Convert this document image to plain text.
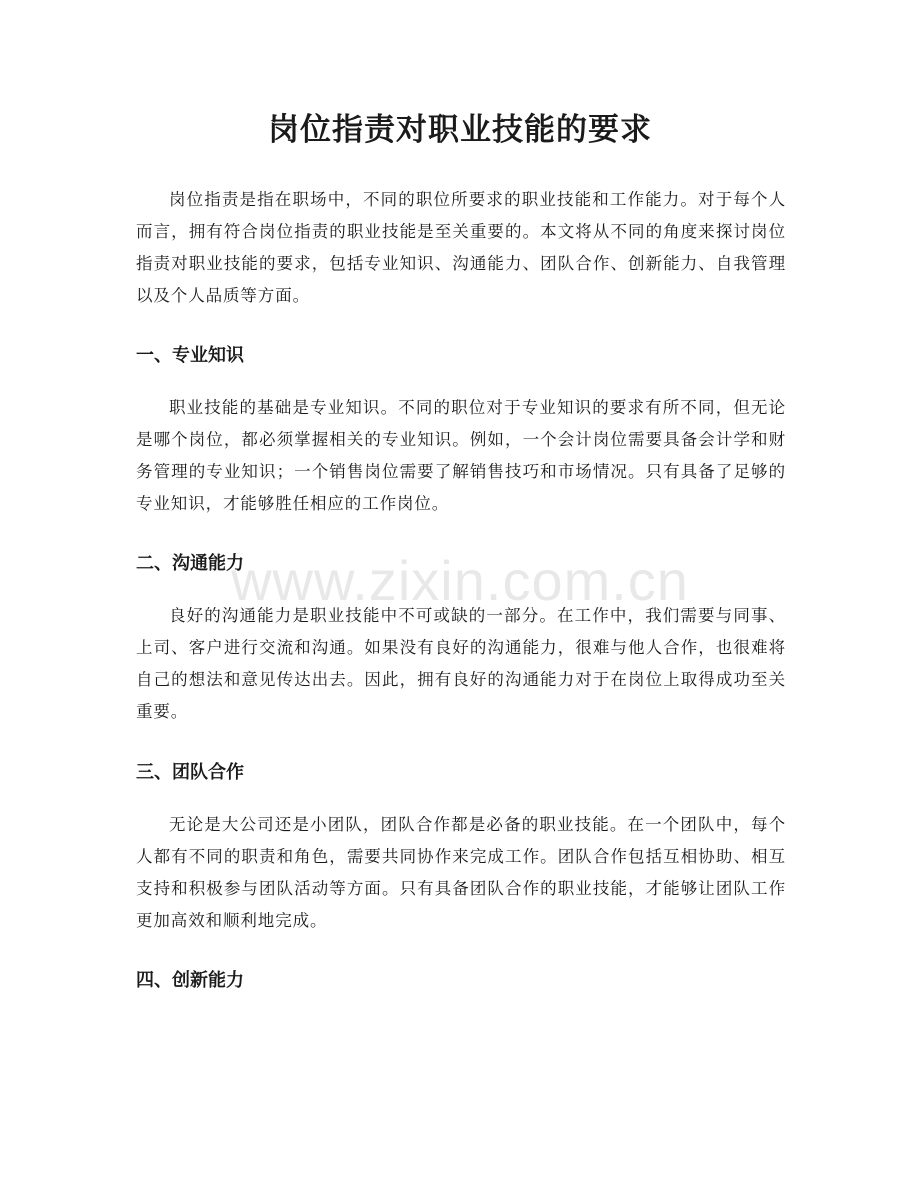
岗位指责对职业技能的要求

岗位指责是指在职场中，不同的职位所要求的职业技能和工作能力。对于每个人而言，拥有符合岗位指责的职业技能是至关重要的。本文将从不同的角度来探讨岗位指责对职业技能的要求，包括专业知识、沟通能力、团队合作、创新能力、自我管理以及个人品质等方面。

一、专业知识

职业技能的基础是专业知识。不同的职位对于专业知识的要求有所不同，但无论是哪个岗位，都必须掌握相关的专业知识。例如，一个会计岗位需要具备会计学和财务管理的专业知识；一个销售岗位需要了解销售技巧和市场情况。只有具备了足够的专业知识，才能够胜任相应的工作岗位。

二、沟通能力

良好的沟通能力是职业技能中不可或缺的一部分。在工作中，我们需要与同事、上司、客户进行交流和沟通。如果没有良好的沟通能力，很难与他人合作，也很难将自己的想法和意见传达出去。因此，拥有良好的沟通能力对于在岗位上取得成功至关重要。

三、团队合作

无论是大公司还是小团队，团队合作都是必备的职业技能。在一个团队中，每个人都有不同的职责和角色，需要共同协作来完成工作。团队合作包括互相协助、相互支持和积极参与团队活动等方面。只有具备团队合作的职业技能，才能够让团队工作更加高效和顺利地完成。

四、创新能力
www.zixin.com.cn
